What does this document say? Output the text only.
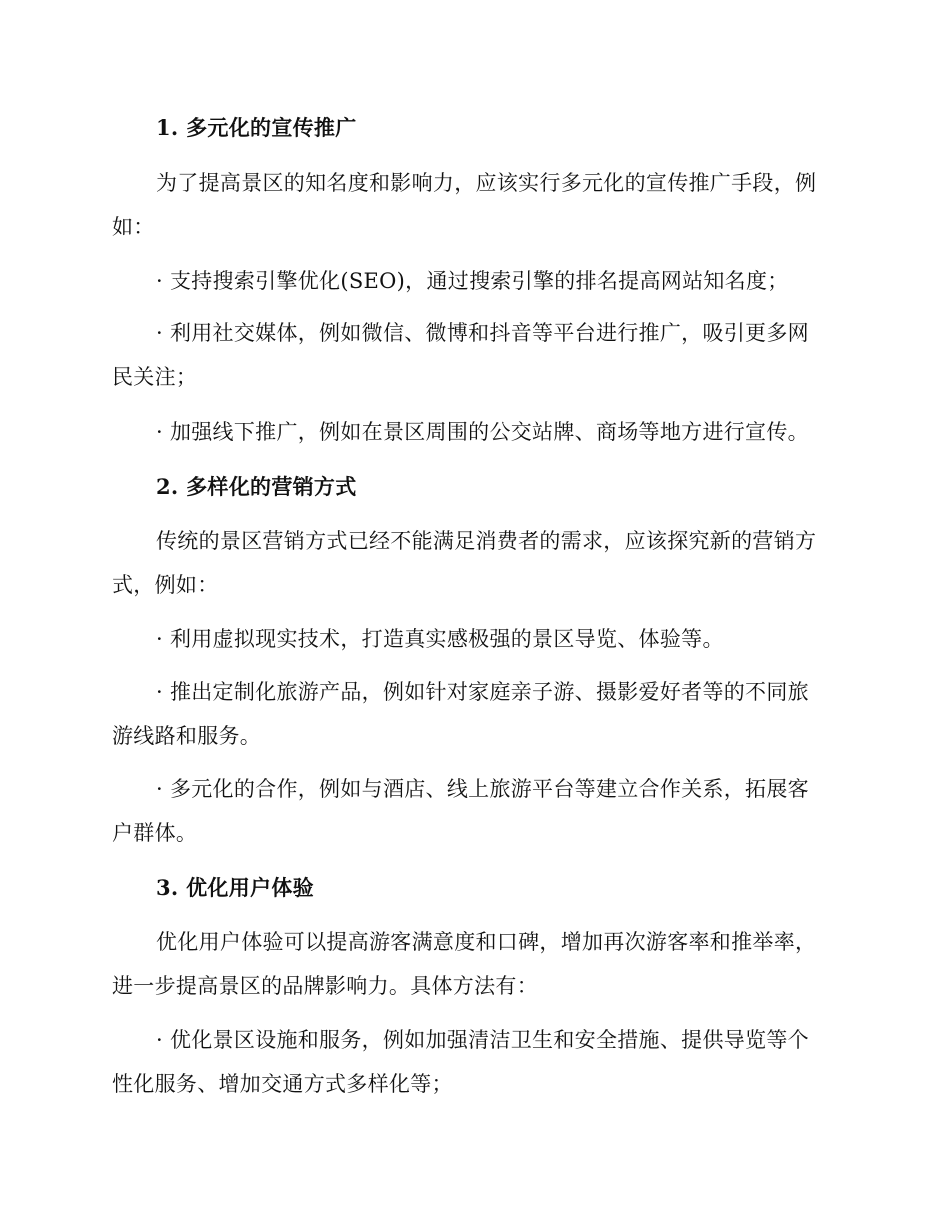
1. 多元化的宣传推广

为了提高景区的知名度和影响力，应该实行多元化的宣传推广手段，例如：

· 支持搜索引擎优化(SEO)，通过搜索引擎的排名提高网站知名度；

· 利用社交媒体，例如微信、微博和抖音等平台进行推广，吸引更多网民关注；

· 加强线下推广，例如在景区周围的公交站牌、商场等地方进行宣传。

2. 多样化的营销方式

传统的景区营销方式已经不能满足消费者的需求，应该探究新的营销方式，例如：

· 利用虚拟现实技术，打造真实感极强的景区导览、体验等。

· 推出定制化旅游产品，例如针对家庭亲子游、摄影爱好者等的不同旅游线路和服务。

· 多元化的合作，例如与酒店、线上旅游平台等建立合作关系，拓展客户群体。

3. 优化用户体验

优化用户体验可以提高游客满意度和口碑，增加再次游客率和推举率，进一步提高景区的品牌影响力。具体方法有：

· 优化景区设施和服务，例如加强清洁卫生和安全措施、提供导览等个性化服务、增加交通方式多样化等；
